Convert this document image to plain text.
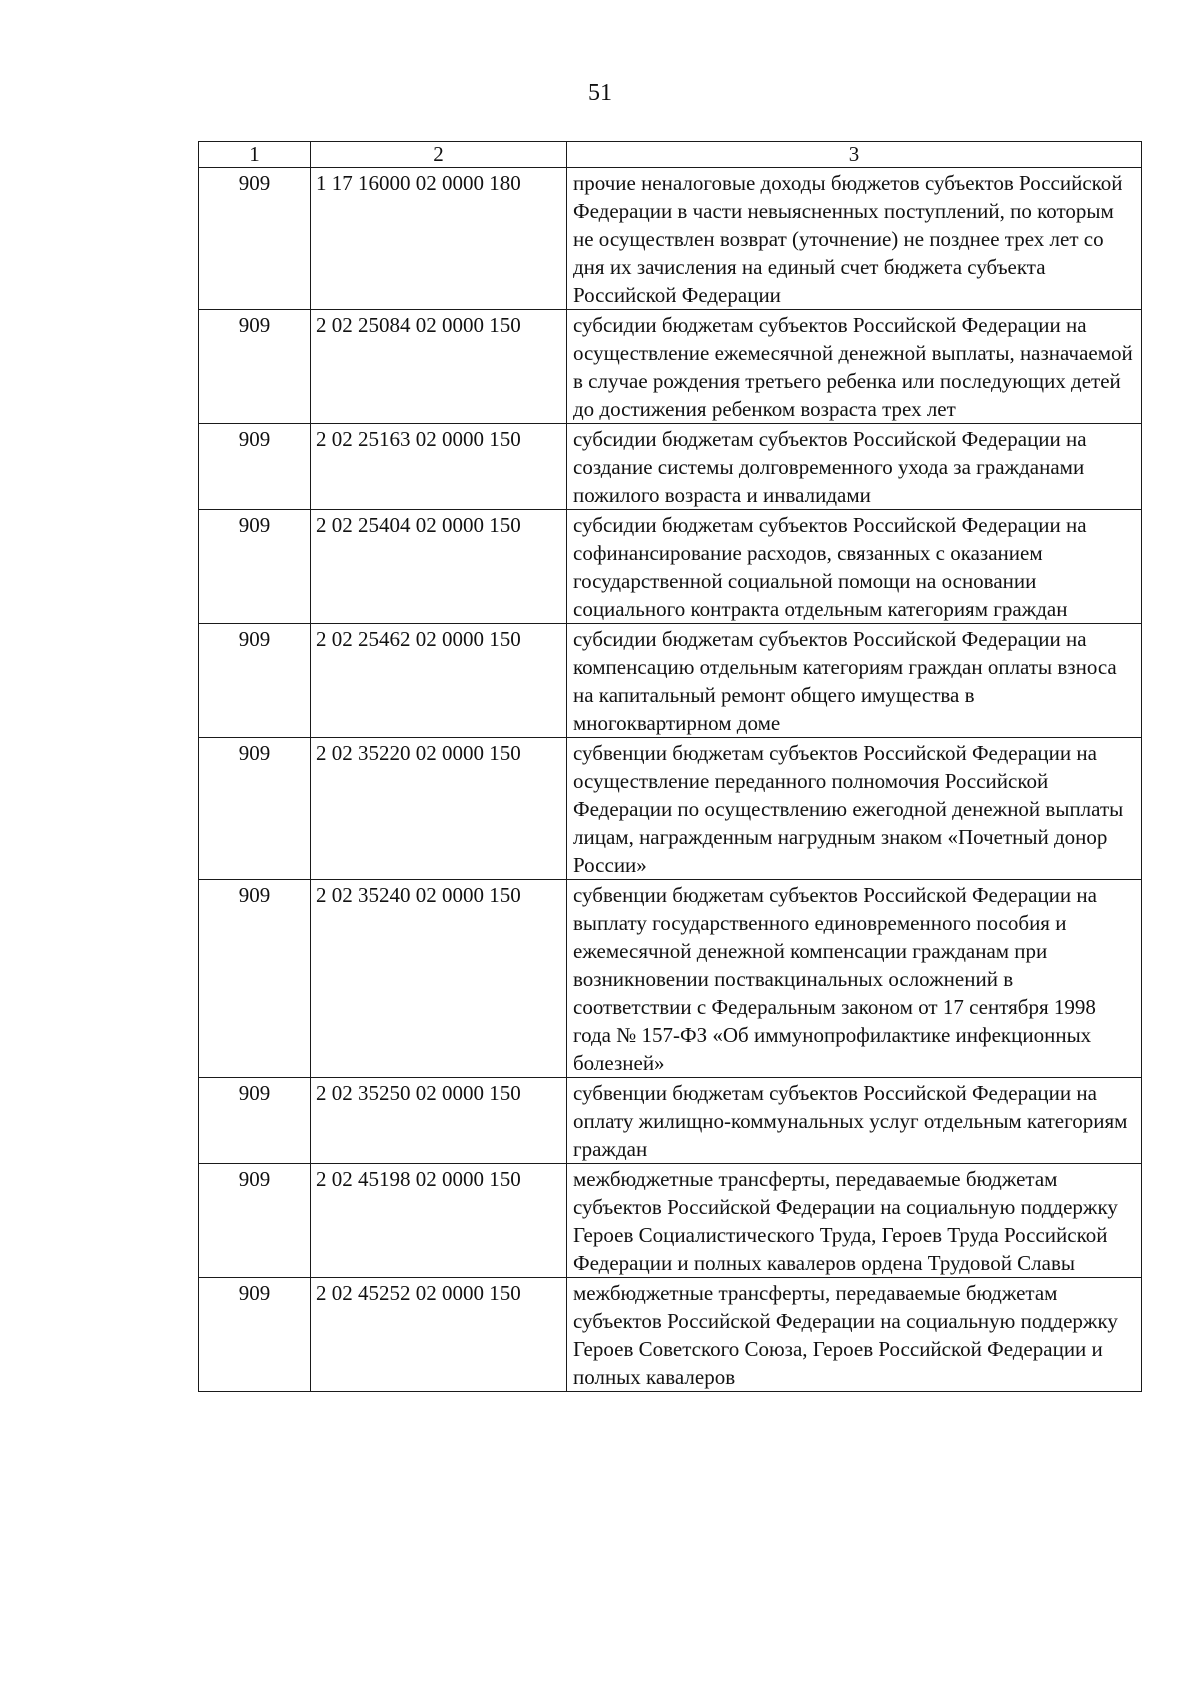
51
1	2	3
909	1 17 16000 02 0000 180	прочие неналоговые доходы бюджетов субъектов Российской Федерации в части невыясненных поступлений, по которым не осуществлен возврат (уточнение) не позднее трех лет со дня их зачисления на единый счет бюджета субъекта Российской Федерации
909	2 02 25084 02 0000 150	субсидии бюджетам субъектов Российской Федерации на осуществление ежемесячной денежной выплаты, назначаемой в случае рождения третьего ребенка или последующих детей до достижения ребенком возраста трех лет
909	2 02 25163 02 0000 150	субсидии бюджетам субъектов Российской Федерации на создание системы долговременного ухода за гражданами пожилого возраста и инвалидами
909	2 02 25404 02 0000 150	субсидии бюджетам субъектов Российской Федерации на софинансирование расходов, связанных с оказанием государственной социальной помощи на основании социального контракта отдельным категориям граждан
909	2 02 25462 02 0000 150	субсидии бюджетам субъектов Российской Федерации на компенсацию отдельным категориям граждан оплаты взноса на капитальный ремонт общего имущества в многоквартирном доме
909	2 02 35220 02 0000 150	субвенции бюджетам субъектов Российской Федерации на осуществление переданного полномочия Российской Федерации по осуществлению ежегодной денежной выплаты лицам, награжденным нагрудным знаком «Почетный донор России»
909	2 02 35240 02 0000 150	субвенции бюджетам субъектов Российской Федерации на выплату государственного единовременного пособия и ежемесячной денежной компенсации гражданам при возникновении поствакцинальных осложнений в соответствии с Федеральным законом от 17 сентября 1998 года № 157-ФЗ «Об иммунопрофилактике инфекционных болезней»
909	2 02 35250 02 0000 150	субвенции бюджетам субъектов Российской Федерации на оплату жилищно-коммунальных услуг отдельным категориям граждан
909	2 02 45198 02 0000 150	межбюджетные трансферты, передаваемые бюджетам субъектов Российской Федерации на социальную поддержку Героев Социалистического Труда, Героев Труда Российской Федерации и полных кавалеров ордена Трудовой Славы
909	2 02 45252 02 0000 150	межбюджетные трансферты, передаваемые бюджетам субъектов Российской Федерации на социальную поддержку Героев Советского Союза, Героев Российской Федерации и полных кавалеров
